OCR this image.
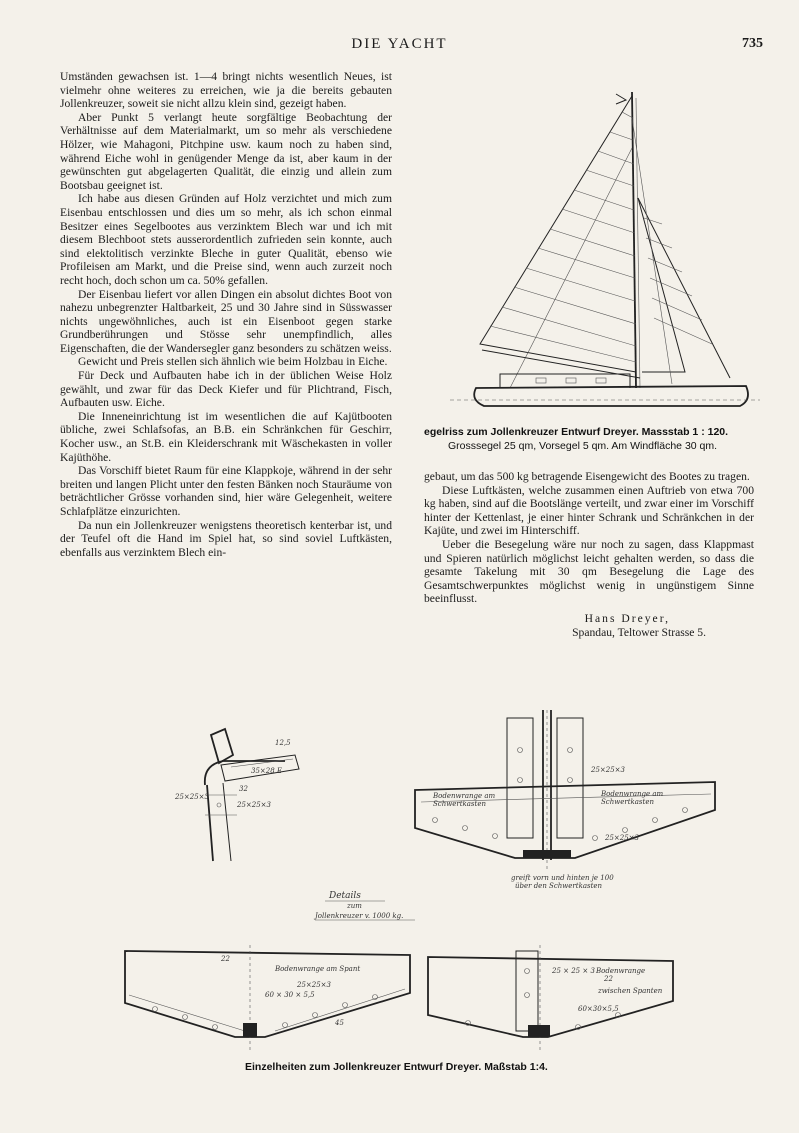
DIE YACHT	735

Umständen gewachsen ist. 1—4 bringt nichts wesentlich Neues, ist vielmehr ohne weiteres zu erreichen, wie ja die bereits gebauten Jollenkreuzer, soweit sie nicht allzu klein sind, gezeigt haben.

Aber Punkt 5 verlangt heute sorgfältige Beobachtung der Verhältnisse auf dem Materialmarkt, um so mehr als verschiedene Hölzer, wie Mahagoni, Pitchpine usw. kaum noch zu haben sind, während Eiche wohl in genügender Menge da ist, aber kaum in der gewünschten gut abgelagerten Qualität, die einzig und allein zum Bootsbau geeignet ist.

Ich habe aus diesen Gründen auf Holz verzichtet und mich zum Eisenbau entschlossen und dies um so mehr, als ich schon einmal Besitzer eines Segelbootes aus verzinktem Blech war und ich mit diesem Blechboot stets ausserordentlich zufrieden sein konnte, auch sind elektolitisch verzinkte Bleche in guter Qualität, ebenso wie Profileisen am Markt, und die Preise sind, wenn auch zurzeit noch recht hoch, doch schon um ca. 50% gefallen.

Der Eisenbau liefert vor allen Dingen ein absolut dichtes Boot von nahezu unbegrenzter Haltbarkeit, 25 und 30 Jahre sind in Süsswasser nichts ungewöhnliches, auch ist ein Eisenboot gegen starke Grundberührungen und Stösse sehr unempfindlich, alles Eigenschaften, die der Wandersegler ganz besonders zu schätzen weiss.

Gewicht und Preis stellen sich ähnlich wie beim Holzbau in Eiche.

Für Deck und Aufbauten habe ich in der üblichen Weise Holz gewählt, und zwar für das Deck Kiefer und für Plichtrand, Fisch, Aufbauten usw. Eiche.

Die Inneneinrichtung ist im wesentlichen die auf Kajütbooten übliche, zwei Schlafsofas, an B.B. ein Schränkchen für Geschirr, Kocher usw., an St.B. ein Kleiderschrank mit Wäschekasten in voller Kajüthöhe.

Das Vorschiff bietet Raum für eine Klappkoje, während in der sehr breiten und langen Plicht unter den festen Bänken noch Stauräume von beträchtlicher Grösse vorhanden sind, hier wäre Gelegenheit, weitere Schlafplätze einzurichten.

Da nun ein Jollenkreuzer wenigstens theoretisch kenterbar ist, und der Teufel oft die Hand im Spiel hat, so sind soviel Luftkästen, ebenfalls aus verzinktem Blech ein-

egelriss zum Jollenkreuzer Entwurf Dreyer. Massstab 1 : 120.
Grosssegel 25 qm, Vorsegel 5 qm. Am Windfläche 30 qm.

gebaut, um das 500 kg betragende Eisengewicht des Bootes zu tragen.

Diese Luftkästen, welche zusammen einen Auftrieb von etwa 700 kg haben, sind auf die Bootslänge verteilt, und zwar einer im Vorschiff hinter der Kettenlast, je einer hinter Schrank und Schränkchen in der Kajüte, und zwei im Hinterschiff.

Ueber die Besegelung wäre nur noch zu sagen, dass Klappmast und Spieren natürlich möglichst leicht gehalten werden, so dass die gesamte Takelung mit 30 qm Besegelung die Lage des Gesamtschwerpunktes möglichst wenig in ungünstigem Sinne beeinflusst.

Hans Dreyer,
Spandau, Teltower Strasse 5.
35×28 E
12,5
25×25×3
25×25×3
32
Bodenwrange am
Schwertkasten
Bodenwrange am
Schwertkasten
25×25×3
25×25×3
greift vorn und hinten je 100
über den Schwertkasten
Details
zum
Jollenkreuzer v. 1000 kg.
22
Bodenwrange am Spant
60 × 30 × 5,5
25×25×3
45
Bodenwrange
22
zwischen Spanten
25 × 25 × 3
60×30×5,5
Einzelheiten zum Jollenkreuzer Entwurf Dreyer. Maßstab 1:4.
